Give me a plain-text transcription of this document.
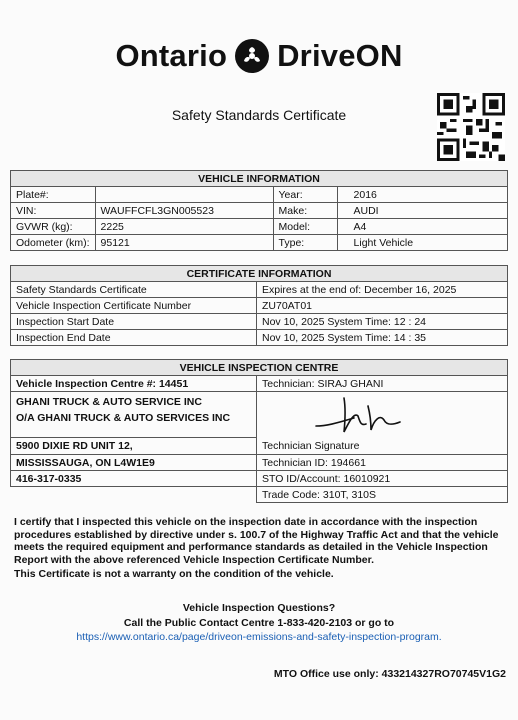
Ontario DriveON
Safety Standards Certificate
VEHICLE INFORMATION			
Plate#:		Year:	2016
VIN:	WAUFFCFL3GN005523	Make:	AUDI
GVWR (kg):	2225	Model:	A4
Odometer (km):	95121	Type:	Light Vehicle
CERTIFICATE INFORMATION	
Safety Standards Certificate	Expires at the end of: December 16, 2025
Vehicle Inspection Certificate Number	ZU70AT01
Inspection Start Date	Nov 10, 2025 System Time: 12 : 24
Inspection End Date	Nov 10, 2025 System Time: 14 : 35
VEHICLE INSPECTION CENTRE	
Vehicle Inspection Centre #: 14451	Technician: SIRAJ GHANI

GHANI TRUCK & AUTO SERVICE INC
O/A GHANI TRUCK & AUTO SERVICES INC	Technician Signature

5900 DIXIE RD UNIT 12,	
MISSISSAUGA, ON L4W1E9	Technician ID: 194661
416-317-0335	STO ID/Account: 16010921
	Trade Code: 310T, 310S

I certify that I inspected this vehicle on the inspection date in accordance with the inspection procedures established by directive under s. 100.7 of the Highway Traffic Act and that the vehicle meets the required equipment and performance standards as detailed in the Vehicle Inspection Report with the above referenced Vehicle Inspection Certificate Number.

This Certificate is not a warranty on the condition of the vehicle.

Vehicle Inspection Questions?
Call the Public Contact Centre 1-833-420-2103 or go to
https://www.ontario.ca/page/driveon-emissions-and-safety-inspection-program.
MTO Office use only: 433214327RO70745V1G2
